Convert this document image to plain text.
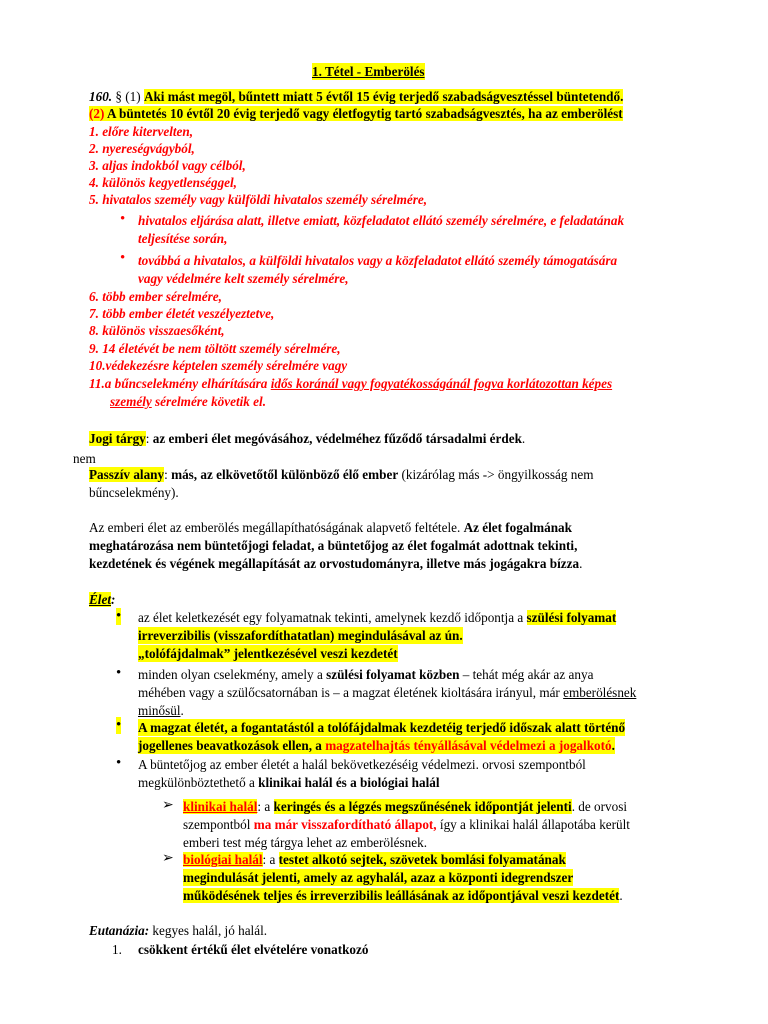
1. Tétel - Emberölés
160. § (1) Aki mást megöl, bűntett miatt 5 évtől 15 évig terjedő szabadságvesztéssel büntetendő.
(2) A büntetés 10 évtől 20 évig terjedő vagy életfogytig tartó szabadságvesztés, ha az emberölést
1. előre kitervelten,
2. nyereségvágyból,
3. aljas indokból vagy célból,
4. különös kegyetlenséggel,
5. hivatalos személy vagy külföldi hivatalos személy sérelmére,
• hivatalos eljárása alatt, illetve emiatt, közfeladatot ellátó személy sérelmére, e feladatának
teljesítése során,
• továbbá a hivatalos, a külföldi hivatalos vagy a közfeladatot ellátó személy támogatására
vagy védelmére kelt személy sérelmére,
6. több ember sérelmére,
7. több ember életét veszélyeztetve,
8. különös visszaesőként,
9. 14 életévét be nem töltött személy sérelmére,
10.védekezésre képtelen személy sérelmére vagy
11.a bűncselekmény elhárítására idős koránál vagy fogyatékosságánál fogva korlátozottan képes
személy sérelmére követik el.
Jogi tárgy: az emberi élet megóvásához, védelméhez fűződő társadalmi érdek.
nem
Passzív alany: más, az elkövetőtől különböző élő ember (kizárólag más -> öngyilkosság nem
bűncselekmény).
Az emberi élet az emberölés megállapíthatóságának alapvető feltétele. Az élet fogalmának
meghatározása nem büntetőjogi feladat, a büntetőjog az élet fogalmát adottnak tekinti,
kezdetének és végének megállapítását az orvostudományra, illetve más jogágakra bízza.
Élet:
• az élet keletkezését egy folyamatnak tekinti, amelynek kezdő időpontja a szülési folyamat
irreverzibilis (visszafordíthatatlan) megindulásával az ún.
„tolófájdalmak” jelentkezésével veszi kezdetét
• minden olyan cselekmény, amely a szülési folyamat közben – tehát még akár az anya
méhében vagy a szülőcsatornában is – a magzat életének kioltására irányul, már emberölésnek
minősül.
• A magzat életét, a fogantatástól a tolófájdalmak kezdetéig terjedő időszak alatt történő
jogellenes beavatkozások ellen, a magzatelhajtás tényállásával védelmezi a jogalkotó.
• A büntetőjog az ember életét a halál bekövetkezéséig védelmezi. orvosi szempontból
megkülönböztethető a klinikai halál és a biológiai halál
➢ klinikai halál: a keringés és a légzés megszűnésének időpontját jelenti. de orvosi
szempontból ma már visszafordítható állapot, így a klinikai halál állapotába került
emberi test még tárgya lehet az emberölésnek.
➢ biológiai halál: a testet alkotó sejtek, szövetek bomlási folyamatának
megindulását jelenti, amely az agyhalál, azaz a központi idegrendszer
működésének teljes és irreverzibilis leállásának az időpontjával veszi kezdetét.
Eutanázia: kegyes halál, jó halál.
1. csökkent értékű élet elvételére vonatkozó
